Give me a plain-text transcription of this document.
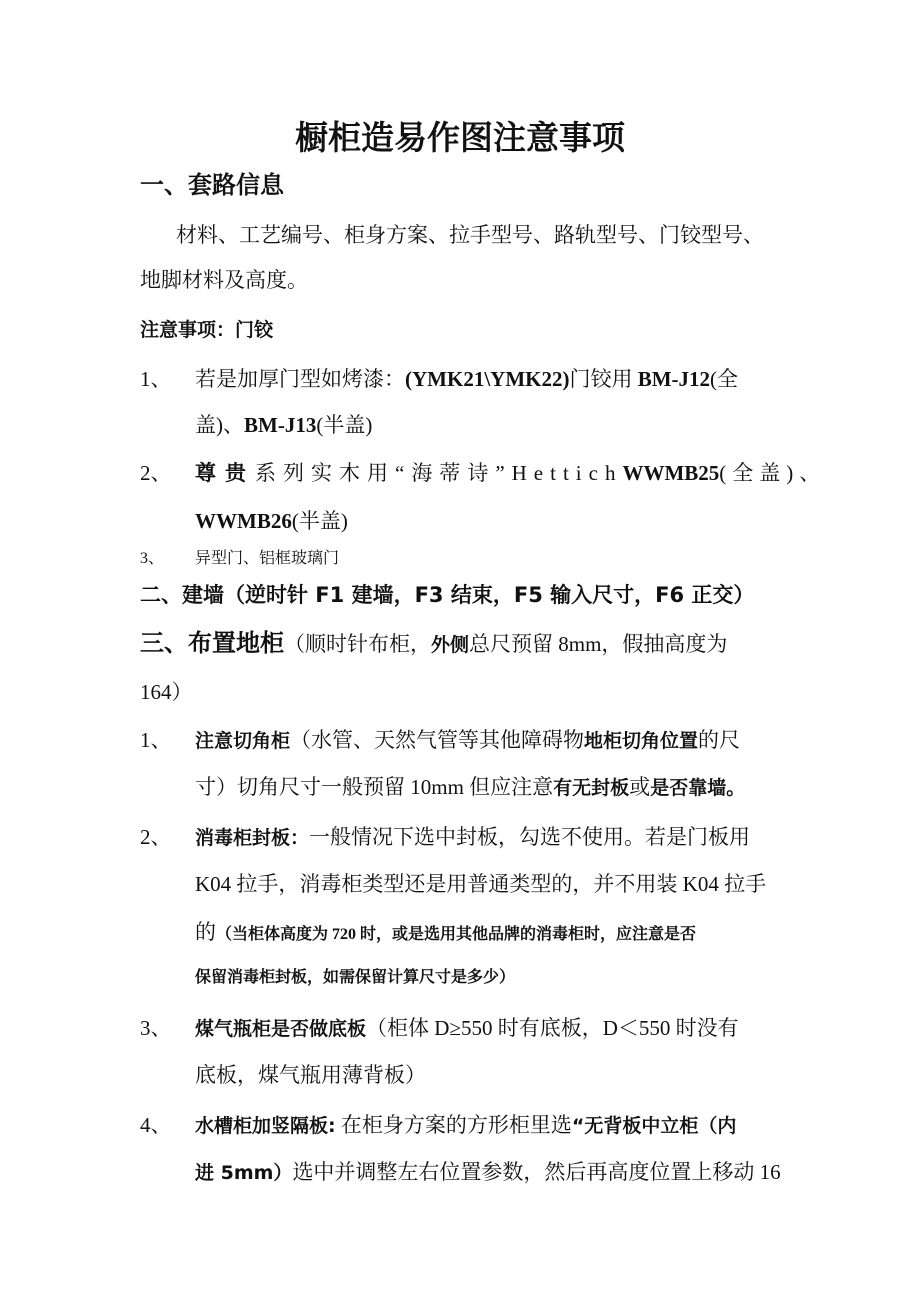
橱柜造易作图注意事项
一、套路信息
材料、工艺编号、柜身方案、拉手型号、路轨型号、门铰型号、
地脚材料及高度。
注意事项：门铰
1、 若是加厚门型如烤漆：(YMK21\YMK22)门铰用 BM-J12(全
盖)、BM-J13(半盖)
2、 尊贵系列实木用“海蒂诗”HettichWWMB25(全盖)、
WWMB26(半盖)
3、 异型门、铝框玻璃门
二、建墙（逆时针 F1 建墙，F3 结束，F5 输入尺寸，F6 正交）
三、布置地柜（顺时针布柜，外侧总尺预留 8mm，假抽高度为
164）
1、 注意切角柜（水管、天然气管等其他障碍物地柜切角位置的尺
寸）切角尺寸一般预留 10mm 但应注意有无封板或是否靠墙。
2、 消毒柜封板：一般情况下选中封板，勾选不使用。若是门板用
K04 拉手，消毒柜类型还是用普通类型的，并不用装 K04 拉手
的（当柜体高度为 720 时，或是选用其他品牌的消毒柜时，应注意是否
保留消毒柜封板，如需保留计算尺寸是多少）
3、 煤气瓶柜是否做底板（柜体 D≥550 时有底板，D＜550 时没有
底板，煤气瓶用薄背板）
4、 水槽柜加竖隔板: 在柜身方案的方形柜里选“无背板中立柜（内
进 5mm）选中并调整左右位置参数，然后再高度位置上移动 16
